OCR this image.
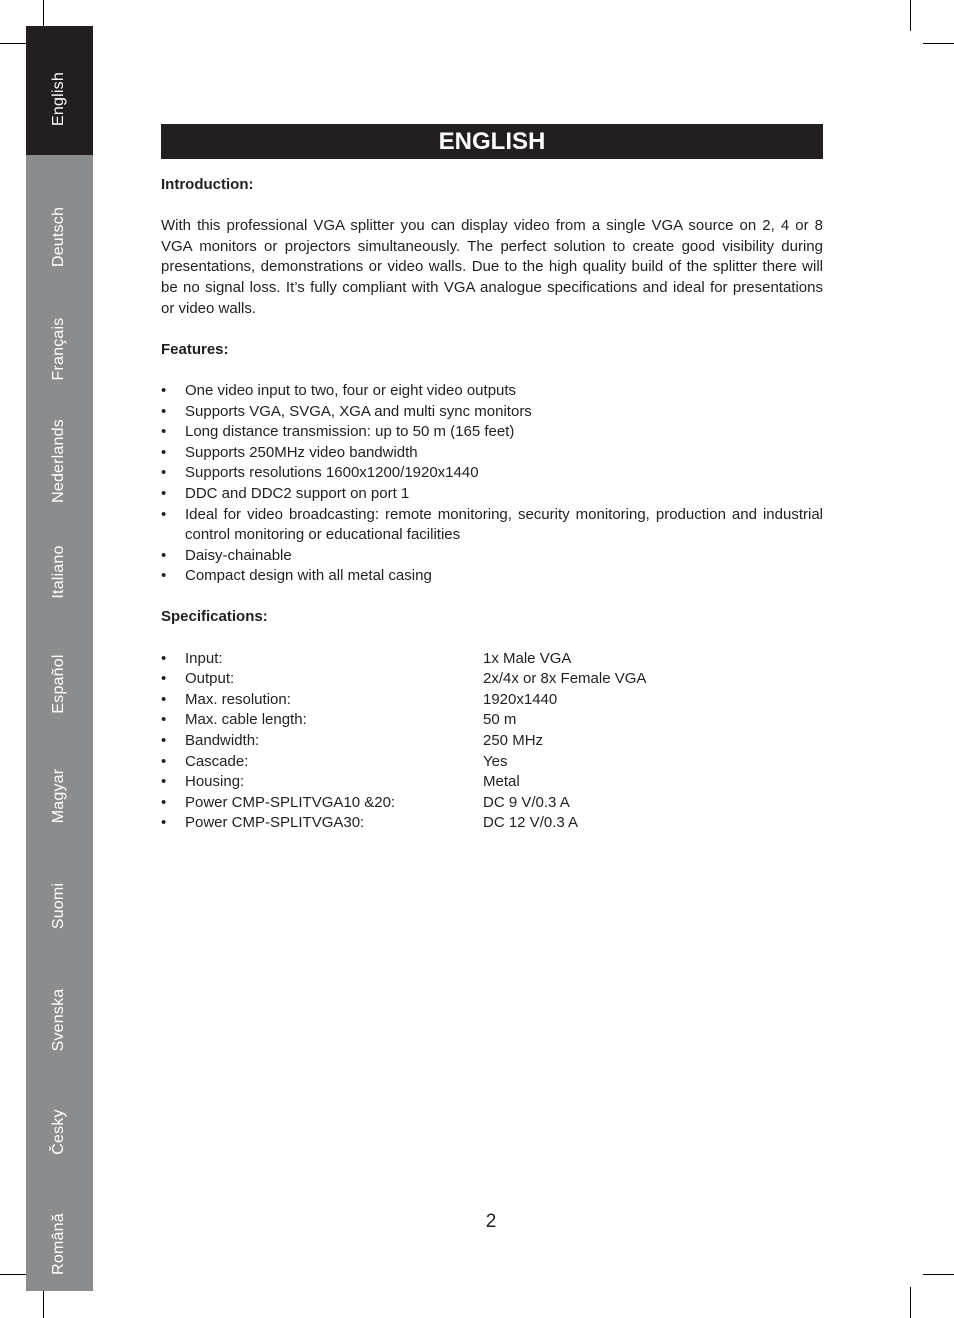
English
Deutsch
Français
Nederlands
Italiano
Español
Magyar
Suomi
Svenska
Česky
Română
ENGLISH

Introduction:

With this professional VGA splitter you can display video from a single VGA source on 2, 4 or 8 VGA monitors or projectors simultaneously. The perfect solution to create good visibility during presentations, demonstrations or video walls. Due to the high quality build of the splitter there will be no signal loss. It’s fully compliant with VGA analogue specifications and ideal for presentations or video walls.

Features:

• One video input to two, four or eight video outputs
• Supports VGA, SVGA, XGA and multi sync monitors
• Long distance transmission: up to 50 m (165 feet)
• Supports 250MHz video bandwidth
• Supports resolutions 1600x1200/1920x1440
• DDC and DDC2 support on port 1
• Ideal for video broadcasting: remote monitoring, security monitoring, production and industrial control monitoring or educational facilities
• Daisy-chainable
• Compact design with all metal casing

Specifications:

• Input:	1x Male VGA
• Output:	2x/4x or 8x Female VGA
• Max. resolution:	1920x1440
• Max. cable length:	50 m
• Bandwidth:	250 MHz
• Cascade:	Yes
• Housing:	Metal
• Power CMP-SPLITVGA10 &20:	DC 9 V/0.3 A
• Power CMP-SPLITVGA30:	DC 12 V/0.3 A
2
